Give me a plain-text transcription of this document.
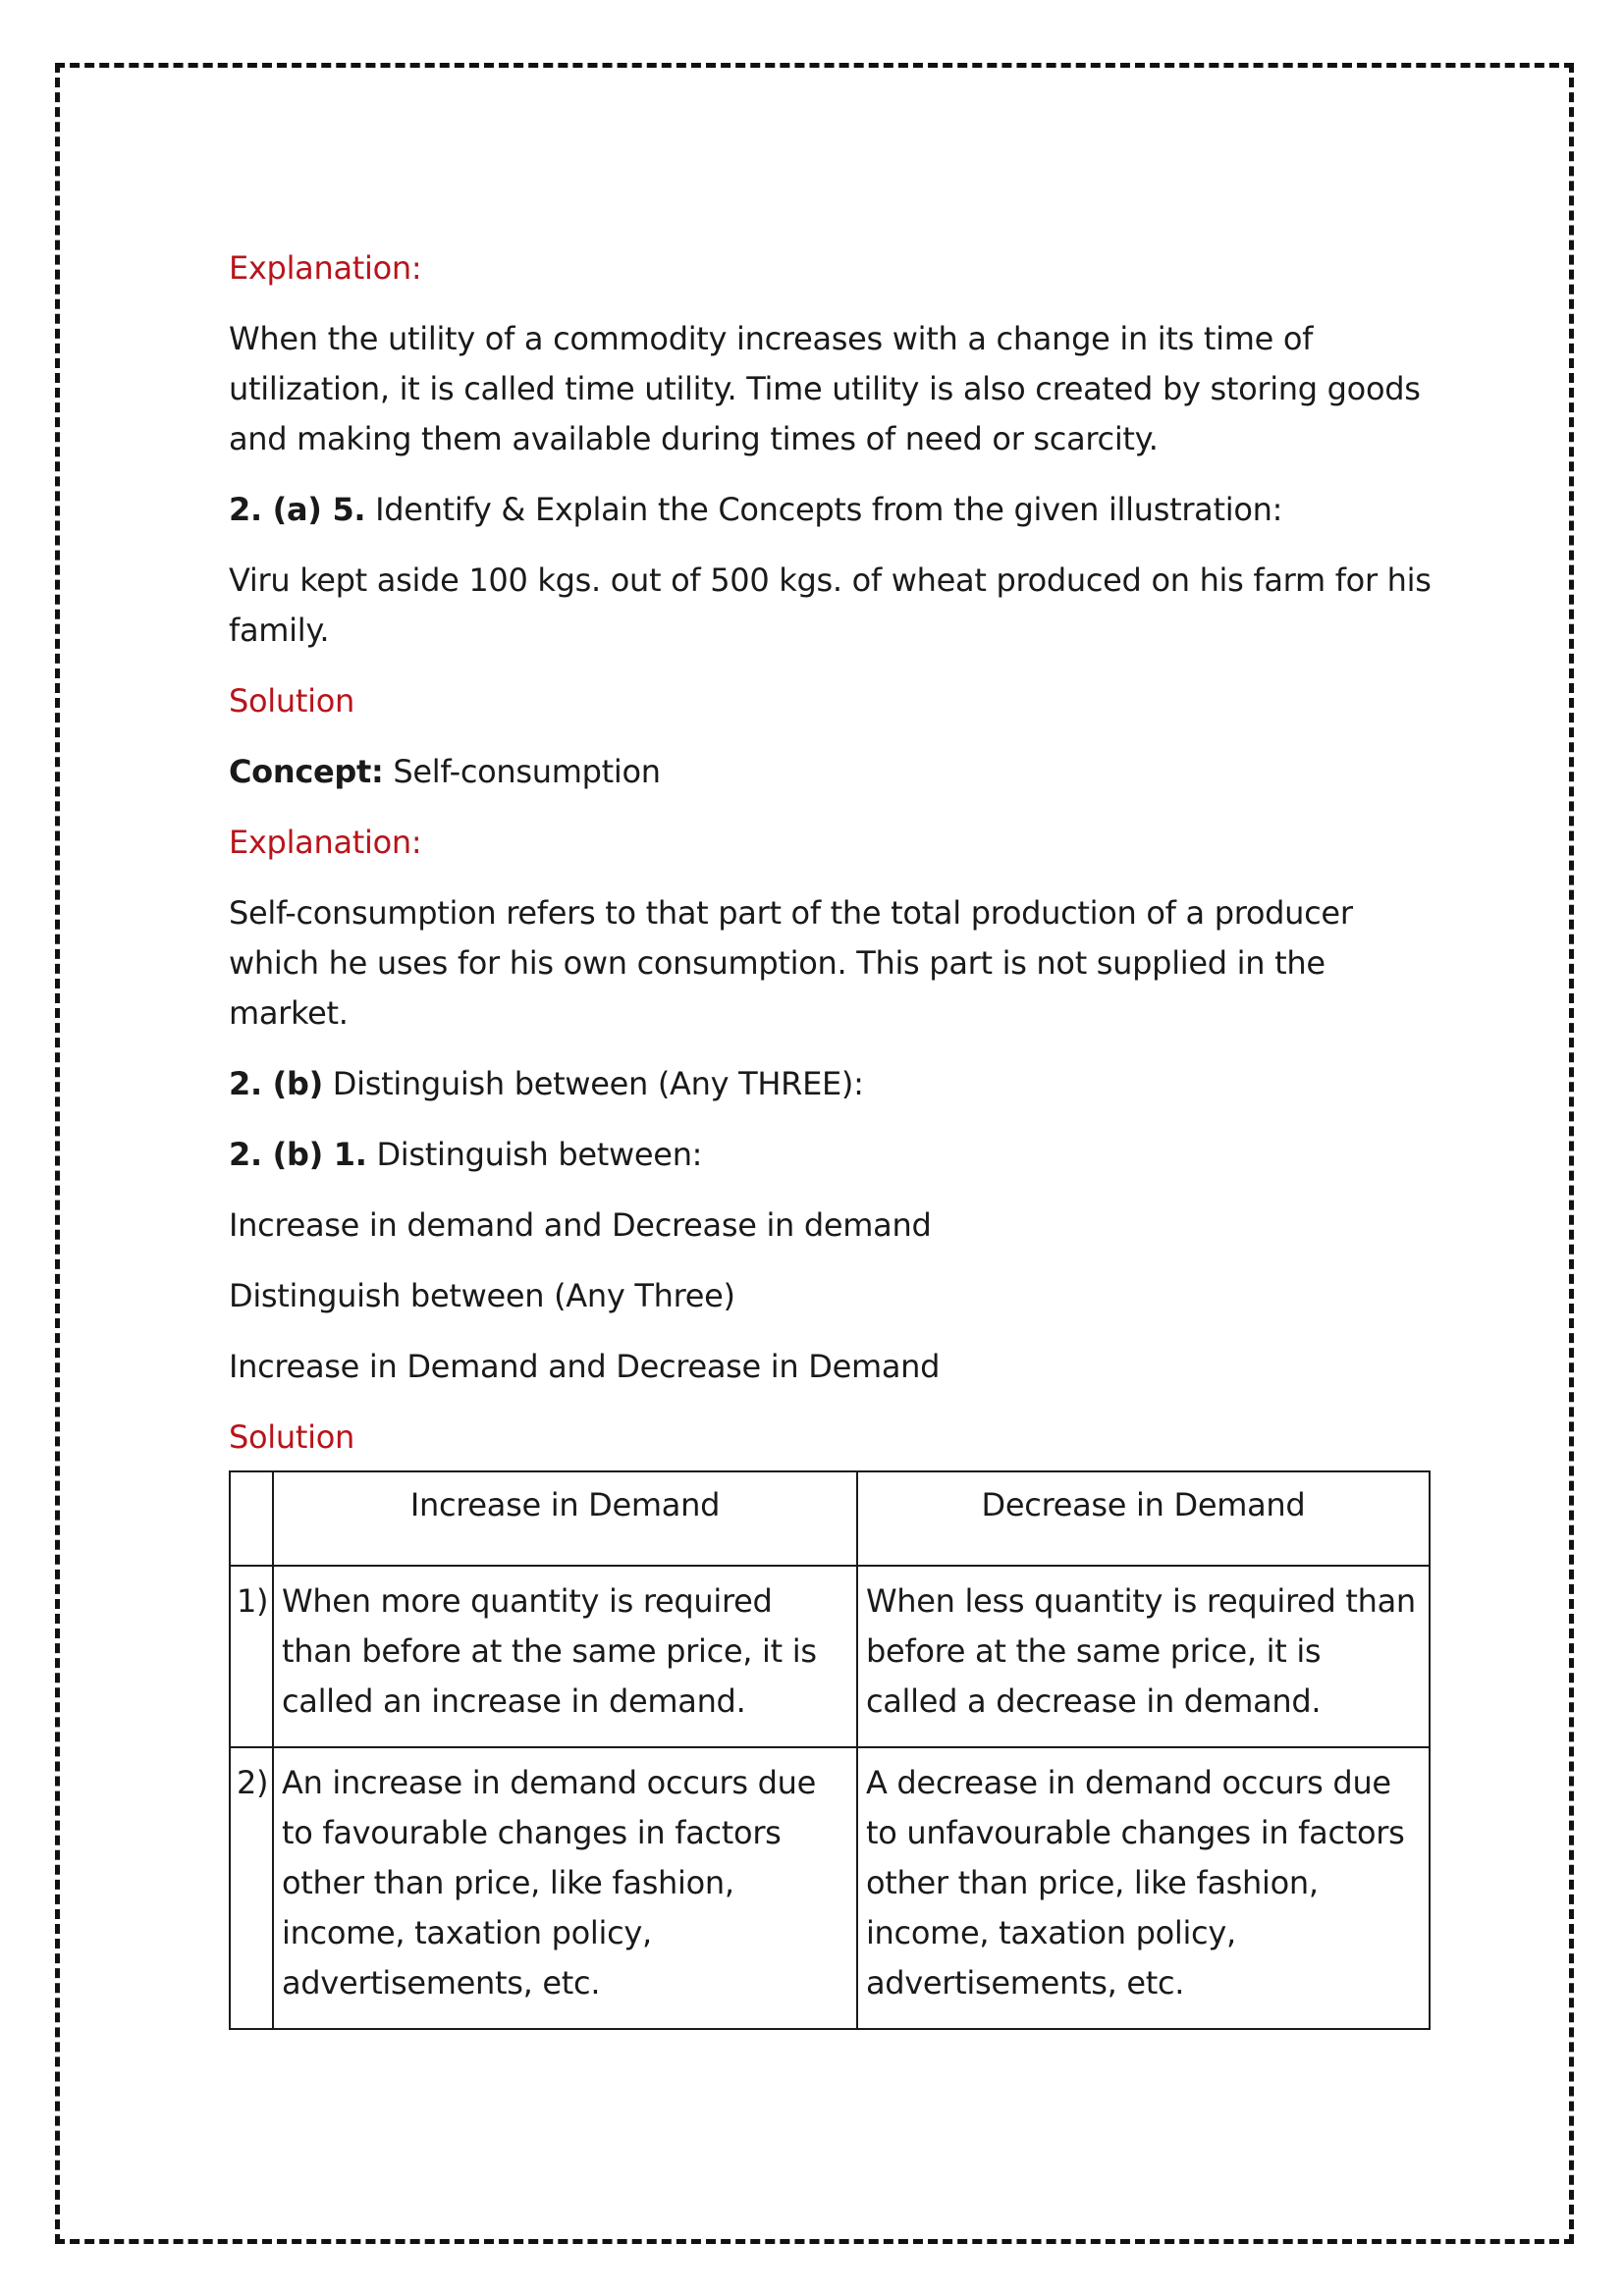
Explanation:

When the utility of a commodity increases with a change in its time of utilization, it is called time utility. Time utility is also created by storing goods and making them available during times of need or scarcity.

2. (a) 5. Identify & Explain the Concepts from the given illustration:

Viru kept aside 100 kgs. out of 500 kgs. of wheat produced on his farm for his family.

Solution

Concept: Self-consumption

Explanation:

Self-consumption refers to that part of the total production of a producer which he uses for his own consumption. This part is not supplied in the market.

2. (b) Distinguish between (Any THREE):

2. (b) 1. Distinguish between:

Increase in demand and Decrease in demand

Distinguish between (Any Three)

Increase in Demand and Decrease in Demand

Solution

	Increase in Demand	Decrease in Demand
1)	When more quantity is required than before at the same price, it is called an increase in demand.	When less quantity is required than before at the same price, it is called a decrease in demand.
2)	An increase in demand occurs due to favourable changes in factors other than price, like fashion, income, taxation policy, advertisements, etc.	A decrease in demand occurs due to unfavourable changes in factors other than price, like fashion, income, taxation policy, advertisements, etc.
